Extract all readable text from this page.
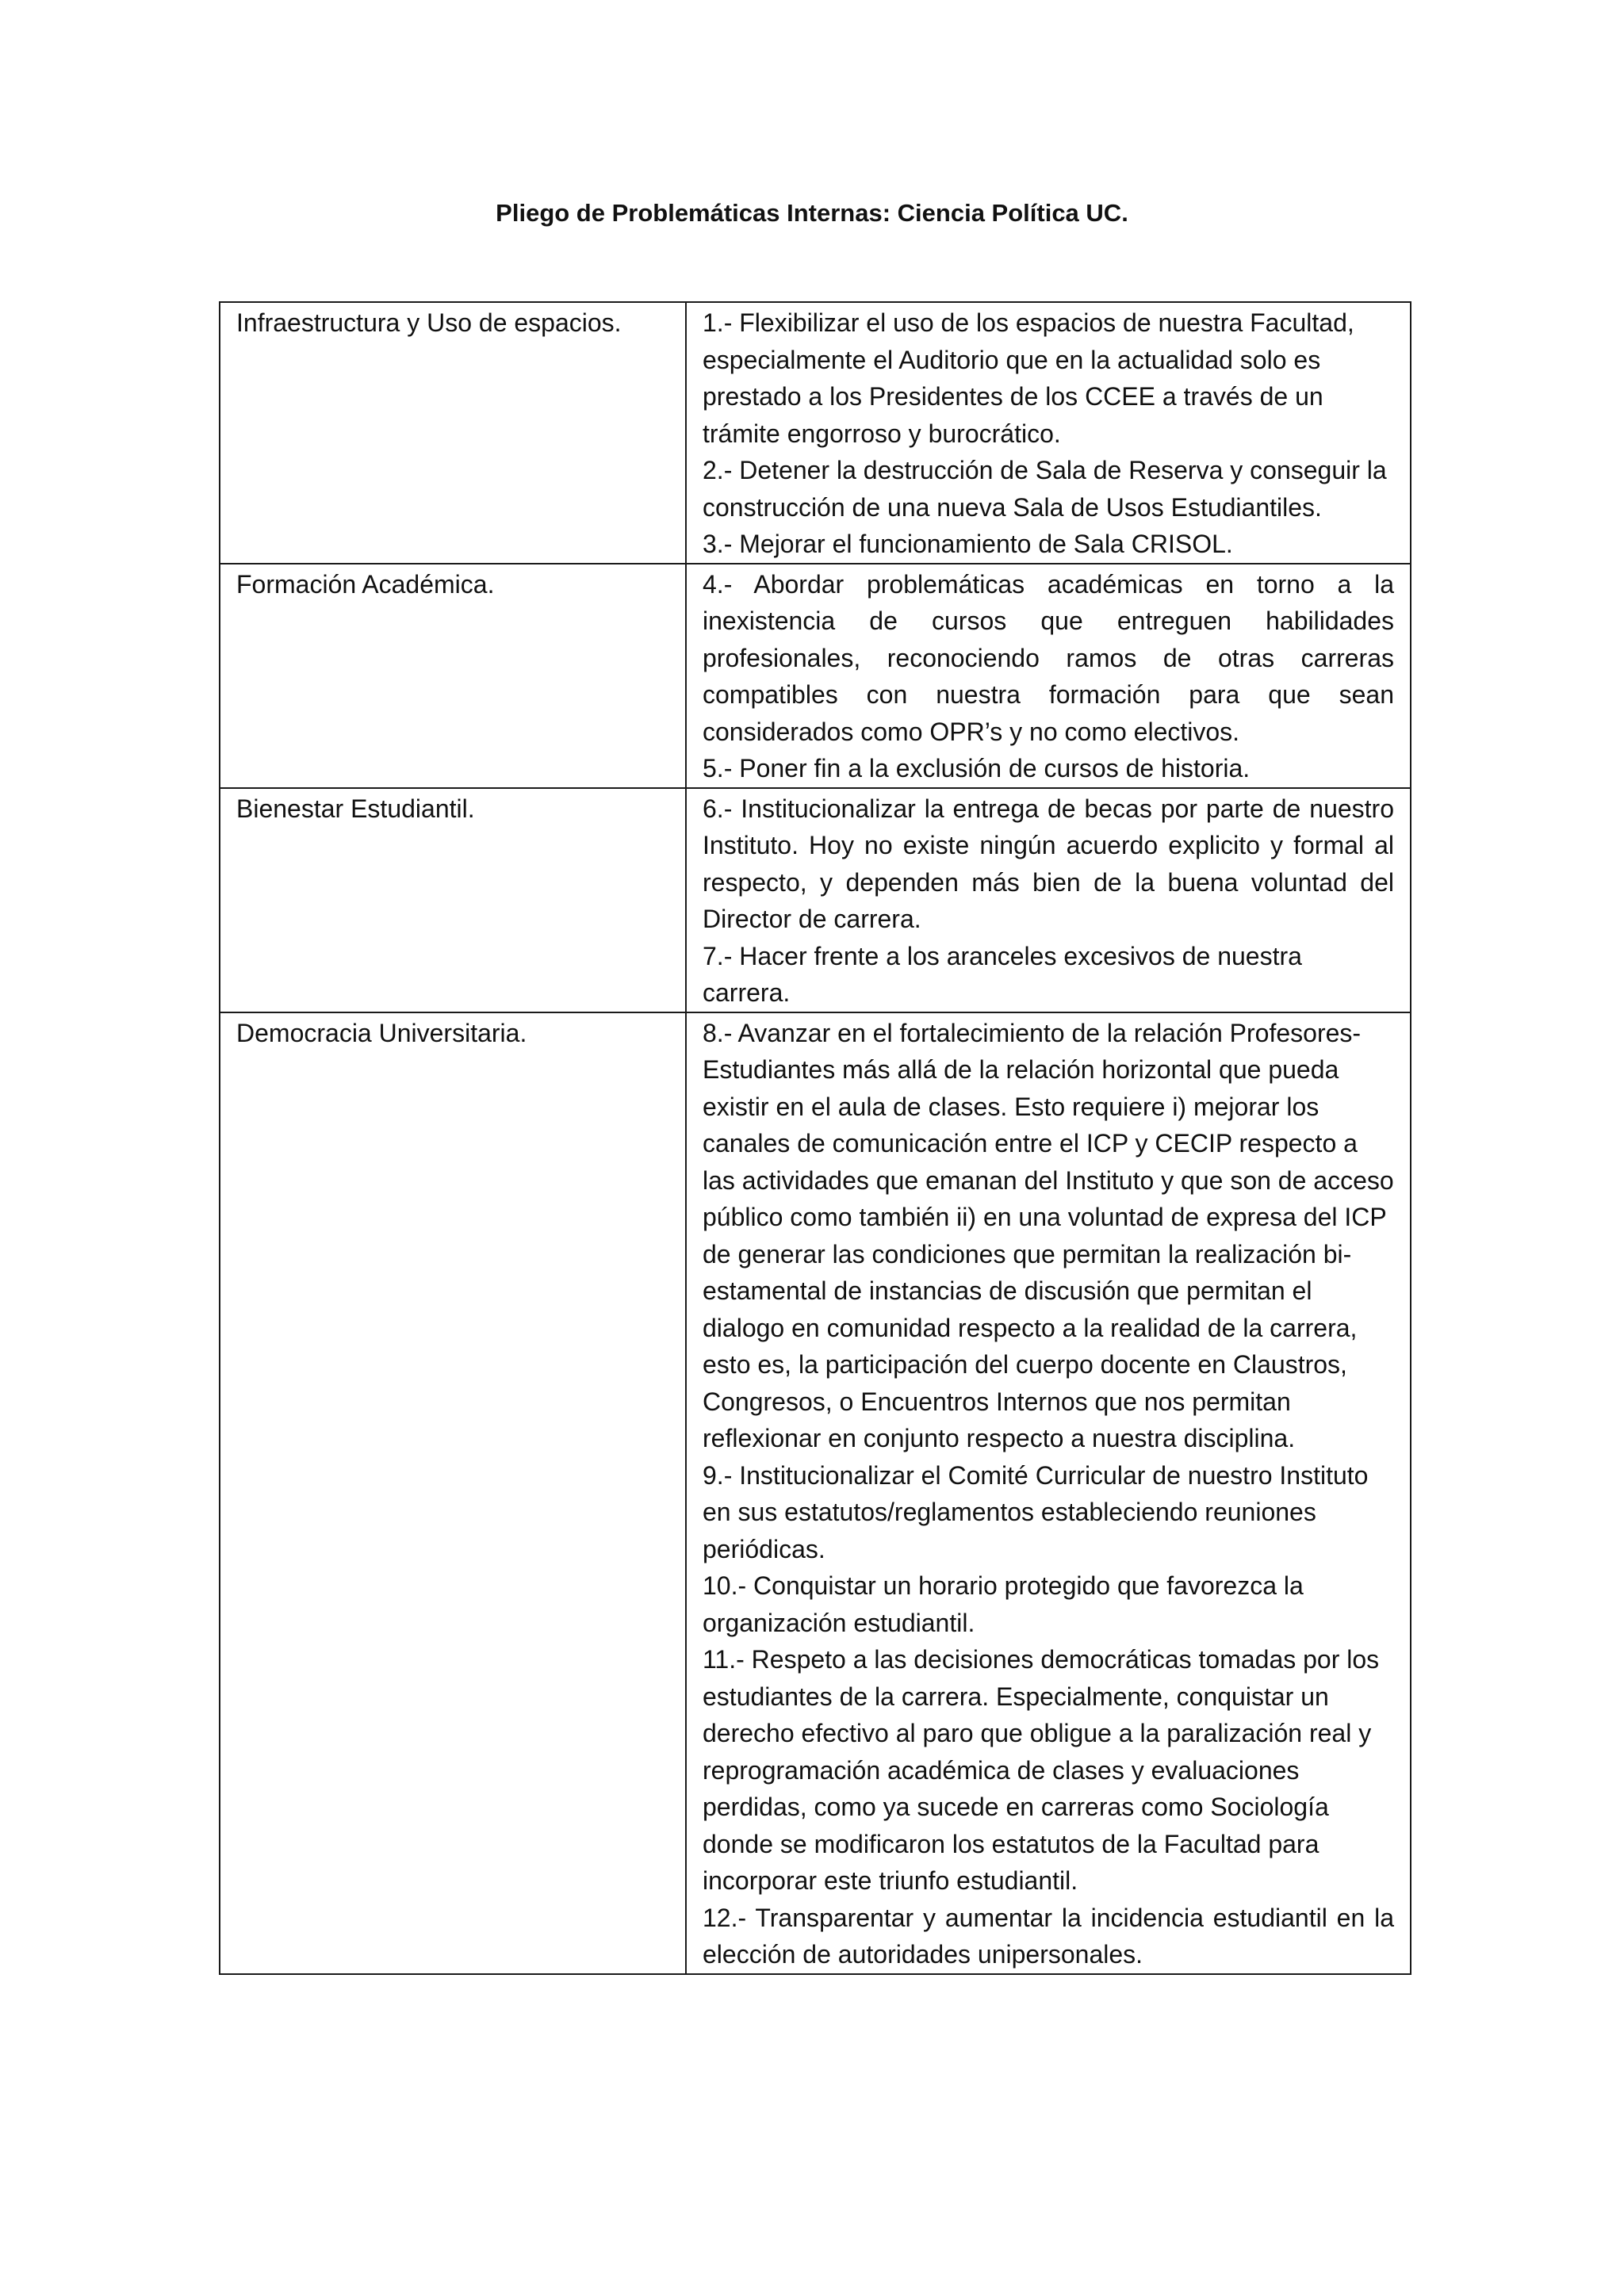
Pliego de Problemáticas Internas: Ciencia Política UC.
Infraestructura y Uso de espacios.	1.- Flexibilizar el uso de los espacios de nuestra Facultad, especialmente el Auditorio que en la actualidad solo es prestado a los Presidentes de los CCEE a través de un trámite engorroso y burocrático.
2.- Detener la destrucción de Sala de Reserva y conseguir la construcción de una nueva Sala de Usos Estudiantiles.
3.- Mejorar el funcionamiento de Sala CRISOL.

Formación Académica.	4.- Abordar problemáticas académicas en torno a la inexistencia de cursos que entreguen habilidades profesionales, reconociendo ramos de otras carreras compatibles con nuestra formación para que sean considerados como OPR’s y no como electivos.
5.- Poner fin a la exclusión de cursos de historia.

Bienestar Estudiantil.	6.- Institucionalizar la entrega de becas por parte de nuestro Instituto. Hoy no existe ningún acuerdo explicito y formal al respecto, y dependen más bien de la buena voluntad del Director de carrera.
7.- Hacer frente a los aranceles excesivos de nuestra carrera.

Democracia Universitaria.	8.- Avanzar en el fortalecimiento de la relación Profesores-Estudiantes más allá de la relación horizontal que pueda existir en el aula de clases. Esto requiere i) mejorar los canales de comunicación entre el ICP y CECIP respecto a las actividades que emanan del Instituto y que son de acceso público como también ii) en una voluntad de expresa del ICP de generar las condiciones que permitan la realización bi-estamental de instancias de discusión que permitan el dialogo en comunidad respecto a la realidad de la carrera, esto es, la participación del cuerpo docente en Claustros, Congresos, o Encuentros Internos que nos permitan reflexionar en conjunto respecto a nuestra disciplina.
9.- Institucionalizar el Comité Curricular de nuestro Instituto en sus estatutos/reglamentos estableciendo reuniones periódicas.
10.- Conquistar un horario protegido que favorezca la organización estudiantil.
11.- Respeto a las decisiones democráticas tomadas por los estudiantes de la carrera. Especialmente, conquistar un derecho efectivo al paro que obligue a la paralización real y reprogramación académica de clases y evaluaciones perdidas, como ya sucede en carreras como Sociología donde se modificaron los estatutos de la Facultad para incorporar este triunfo estudiantil.
12.- Transparentar y aumentar la incidencia estudiantil en la elección de autoridades unipersonales.
